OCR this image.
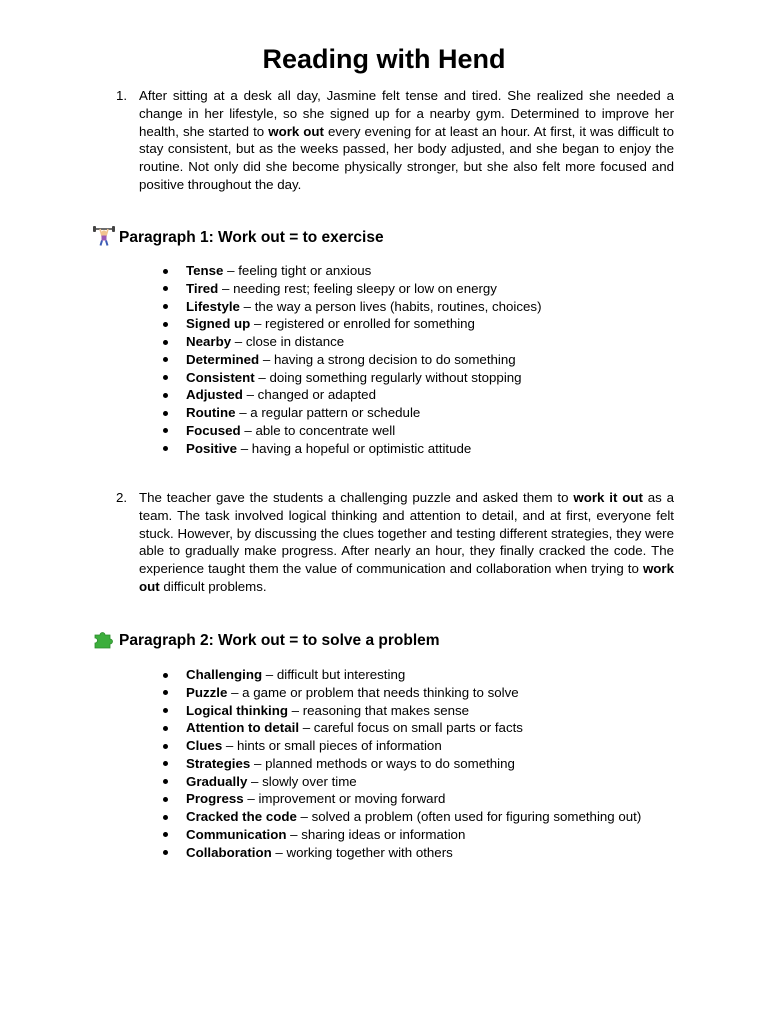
Reading with Hend
1. After sitting at a desk all day, Jasmine felt tense and tired. She realized she needed a change in her lifestyle, so she signed up for a nearby gym. Determined to improve her health, she started to work out every evening for at least an hour. At first, it was difficult to stay consistent, but as the weeks passed, her body adjusted, and she began to enjoy the routine. Not only did she become physically stronger, but she also felt more focused and positive throughout the day.

Paragraph 1: Work out = to exercise
Tense – feeling tight or anxious
Tired – needing rest; feeling sleepy or low on energy
Lifestyle – the way a person lives (habits, routines, choices)
Signed up – registered or enrolled for something
Nearby – close in distance
Determined – having a strong decision to do something
Consistent – doing something regularly without stopping
Adjusted – changed or adapted
Routine – a regular pattern or schedule
Focused – able to concentrate well
Positive – having a hopeful or optimistic attitude
2. The teacher gave the students a challenging puzzle and asked them to work it out as a team. The task involved logical thinking and attention to detail, and at first, everyone felt stuck. However, by discussing the clues together and testing different strategies, they were able to gradually make progress. After nearly an hour, they finally cracked the code. The experience taught them the value of communication and collaboration when trying to work out difficult problems.

Paragraph 2: Work out = to solve a problem
Challenging – difficult but interesting
Puzzle – a game or problem that needs thinking to solve
Logical thinking – reasoning that makes sense
Attention to detail – careful focus on small parts or facts
Clues – hints or small pieces of information
Strategies – planned methods or ways to do something
Gradually – slowly over time
Progress – improvement or moving forward
Cracked the code – solved a problem (often used for figuring something out)
Communication – sharing ideas or information
Collaboration – working together with others
